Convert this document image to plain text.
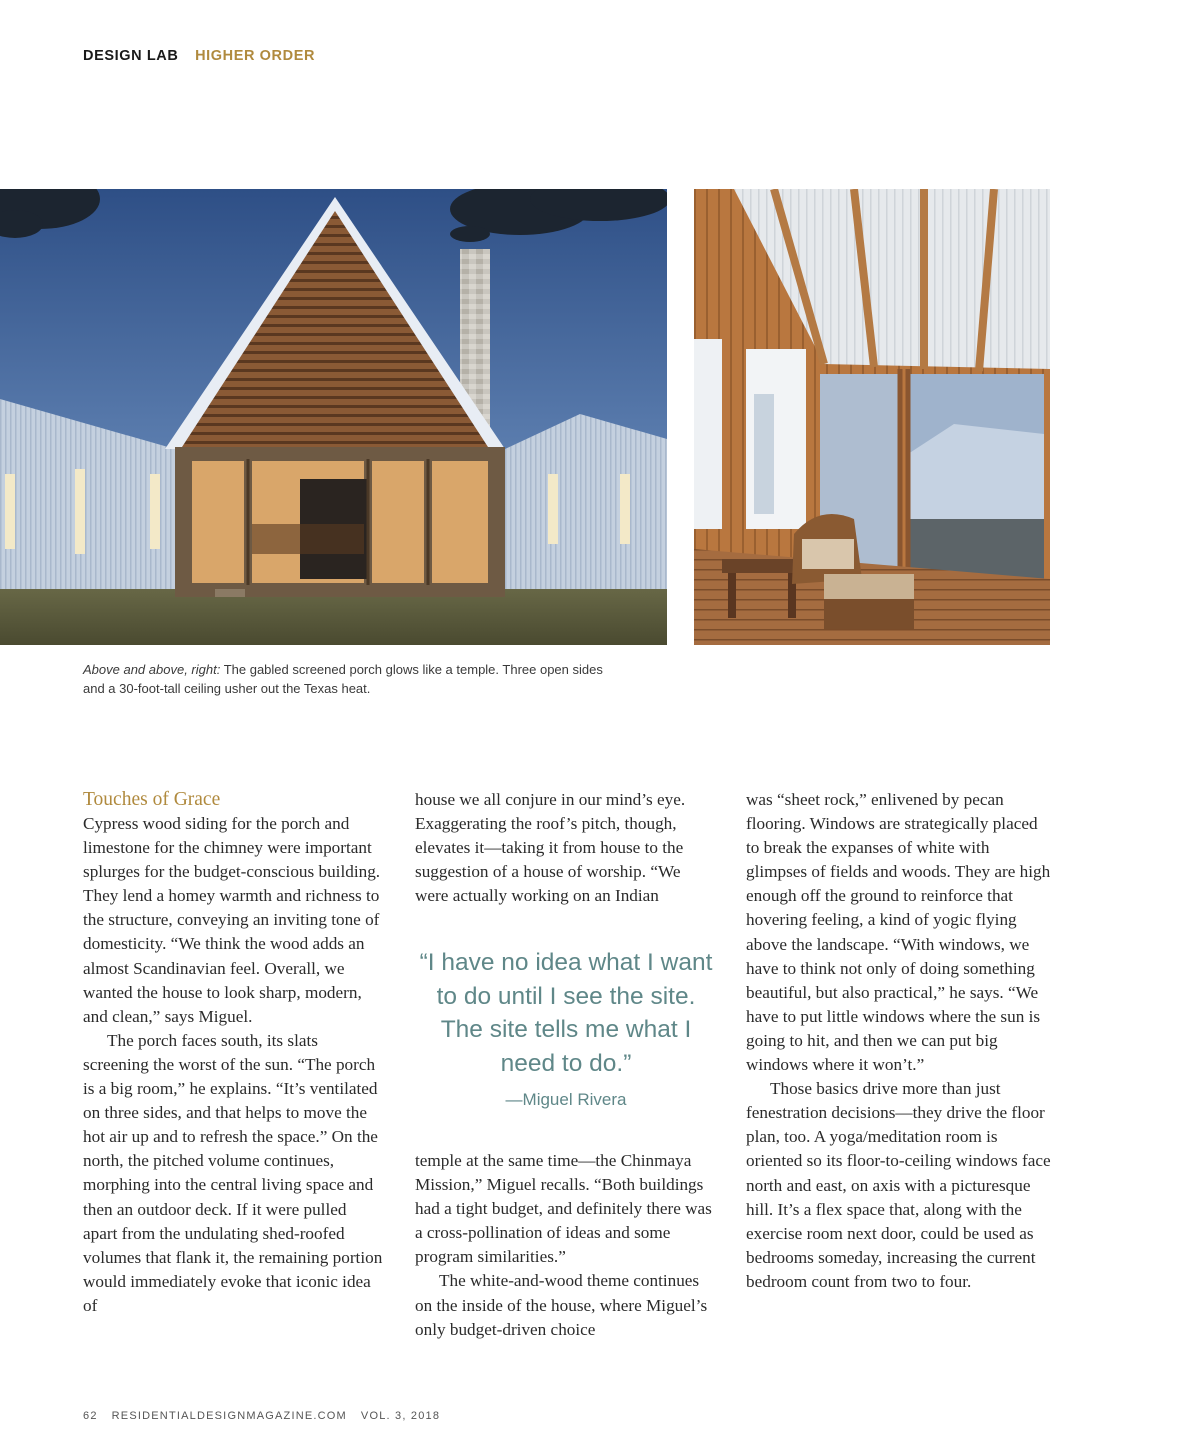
DESIGN LAB HIGHER ORDER
Above and above, right: The gabled screened porch glows like a temple. Three open sides and a 30-foot-tall ceiling usher out the Texas heat.

Touches of Grace

Cypress wood siding for the porch and limestone for the chimney were important splurges for the budget-conscious building. They lend a homey warmth and richness to the structure, conveying an inviting tone of domesticity. “We think the wood adds an almost Scandinavian feel. Overall, we wanted the house to look sharp, modern, and clean,” says Miguel.

The porch faces south, its slats screening the worst of the sun. “The porch is a big room,” he explains. “It’s ventilated on three sides, and that helps to move the hot air up and to refresh the space.” On the north, the pitched volume continues, morphing into the central living space and then an outdoor deck. If it were pulled apart from the undulating shed-roofed volumes that flank it, the remaining portion would immediately evoke that iconic idea of

house we all conjure in our mind’s eye. Exaggerating the roof’s pitch, though, elevates it—taking it from house to the suggestion of a house of worship. “We were actually working on an Indian

“I have no idea what I want to do until I see the site. The site tells me what I need to do.”
—Miguel Rivera

temple at the same time—the Chinmaya Mission,” Miguel recalls. “Both buildings had a tight budget, and definitely there was a cross-pollination of ideas and some program similarities.”

The white-and-wood theme continues on the inside of the house, where Miguel’s only budget-driven choice

was “sheet rock,” enlivened by pecan flooring. Windows are strategically placed to break the expanses of white with glimpses of fields and woods. They are high enough off the ground to reinforce that hovering feeling, a kind of yogic flying above the landscape. “With windows, we have to think not only of doing something beautiful, but also practical,” he says. “We have to put little windows where the sun is going to hit, and then we can put big windows where it won’t.”

Those basics drive more than just fenestration decisions—they drive the floor plan, too. A yoga/meditation room is oriented so its floor-to-ceiling windows face north and east, on axis with a picturesque hill. It’s a flex space that, along with the exercise room next door, could be used as bedrooms someday, increasing the current bedroom count from two to four.

62 RESIDENTIALDESIGNMAGAZINE.COM VOL. 3, 2018
